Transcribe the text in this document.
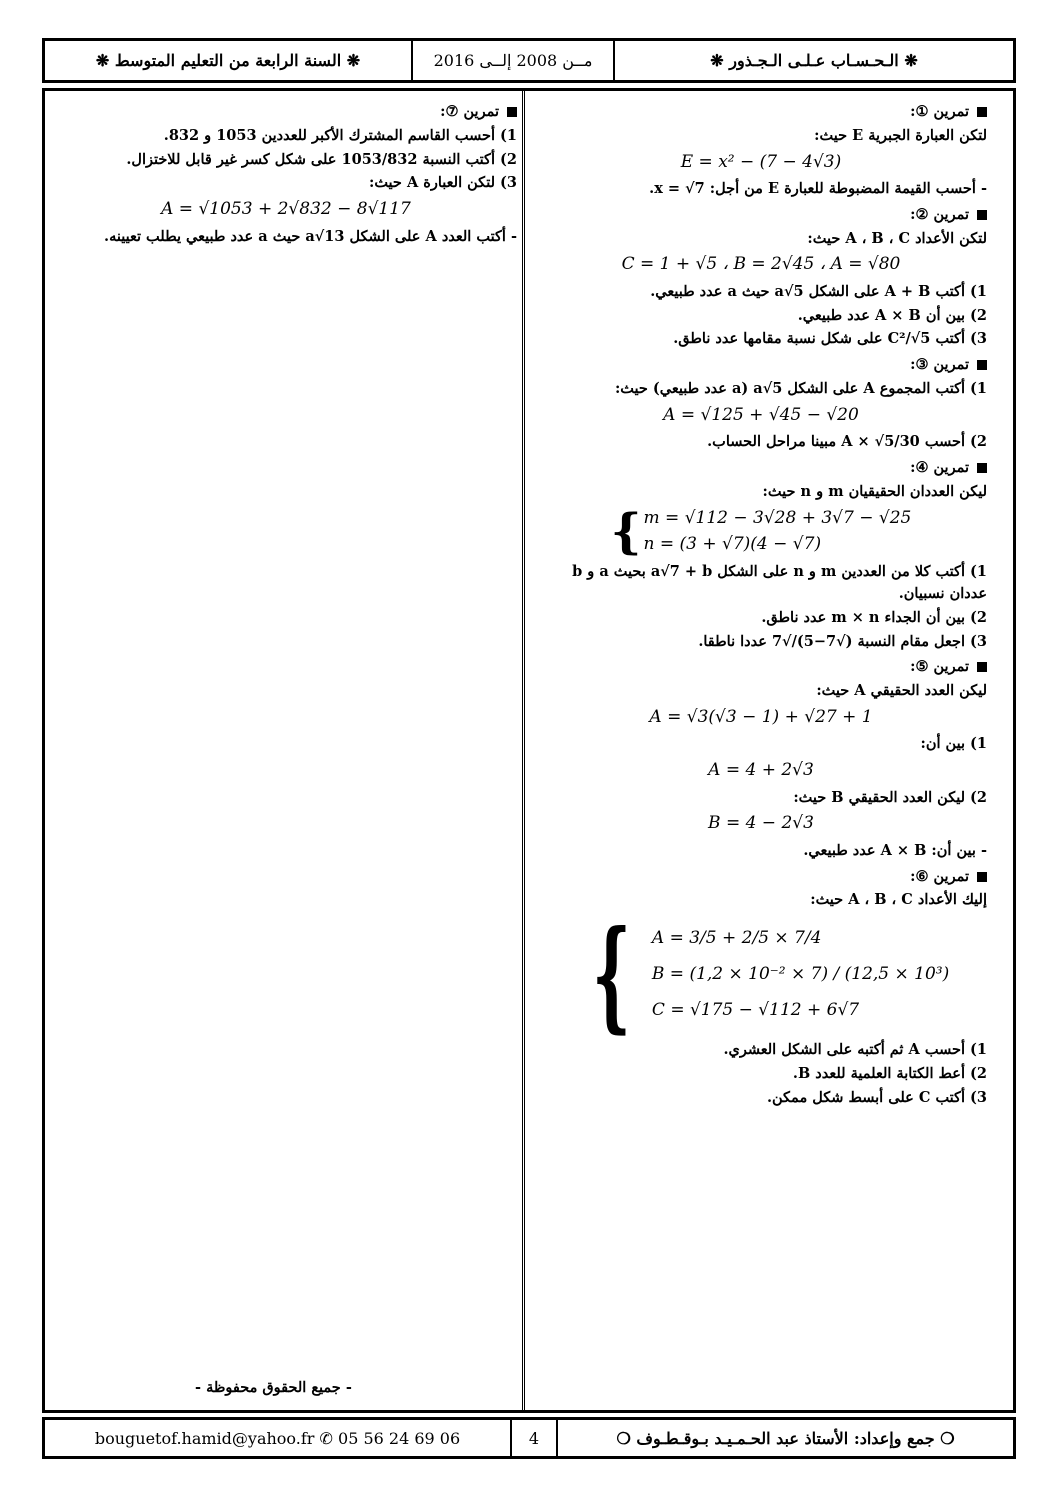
❋ الـحـسـاب عـلـى الـجـذور ❋
مــن 2008 إلــى 2016
❋ السنة الرابعة من التعليم المتوسط ❋
تمرين ①:
لتكن العبارة الجبرية E حيث:
E = x² − (7 − 4√3)
- أحسب القيمة المضبوطة للعبارة E من أجل: x = √7.
تمرين ②:
لتكن الأعداد A ، B ، C حيث:
C = 1 + √5 ، B = 2√45 ، A = √80
1) أكتب A + B على الشكل a√5 حيث a عدد طبيعي.
2) بين أن A × B عدد طبيعي.
3) أكتب C²/√5 على شكل نسبة مقامها عدد ناطق.
تمرين ③:
1) أكتب المجموع A على الشكل a√5 (a عدد طبيعي) حيث:
A = √125 + √45 − √20
2) أحسب A × √5/30 مبينا مراحل الحساب.
تمرين ④:
ليكن العددان الحقيقيان m و n حيث:
{ m = √112 − 3√28 + 3√7 − √25
n = (3 + √7)(4 − √7)
1) أكتب كلا من العددين m و n على الشكل a√7 + b بحيث a و b عددان نسبيان.
2) بين أن الجداء m × n عدد ناطق.
3) اجعل مقام النسبة (√7−5)/√7 عددا ناطقا.
تمرين ⑤:
ليكن العدد الحقيقي A حيث:
A = √3(√3 − 1) + √27 + 1
1) بين أن:
A = 4 + 2√3
2) ليكن العدد الحقيقي B حيث:
B = 4 − 2√3
- بين أن: A × B عدد طبيعي.
تمرين ⑥:
إليك الأعداد A ، B ، C حيث:
{ A = 3/5 + 2/5 × 7/4
B = (1,2 × 10⁻² × 7) / (12,5 × 10³)
C = √175 − √112 + 6√7
1) أحسب A ثم أكتبه على الشكل العشري.
2) أعط الكتابة العلمية للعدد B.
3) أكتب C على أبسط شكل ممكن.
تمرين ⑦:
1) أحسب القاسم المشترك الأكبر للعددين 1053 و 832.
2) أكتب النسبة 1053/832 على شكل كسر غير قابل للاختزال.
3) لتكن العبارة A حيث:
A = √1053 + 2√832 − 8√117
- أكتب العدد A على الشكل a√13 حيث a عدد طبيعي يطلب تعيينه.
- جميع الحقوق محفوظة -
❍ جمع وإعداد: الأستاذ عبد الحـمـيـد بـوقـطـوف ❍
4
bouguetof.hamid@yahoo.fr ✆ 05 56 24 69 06
